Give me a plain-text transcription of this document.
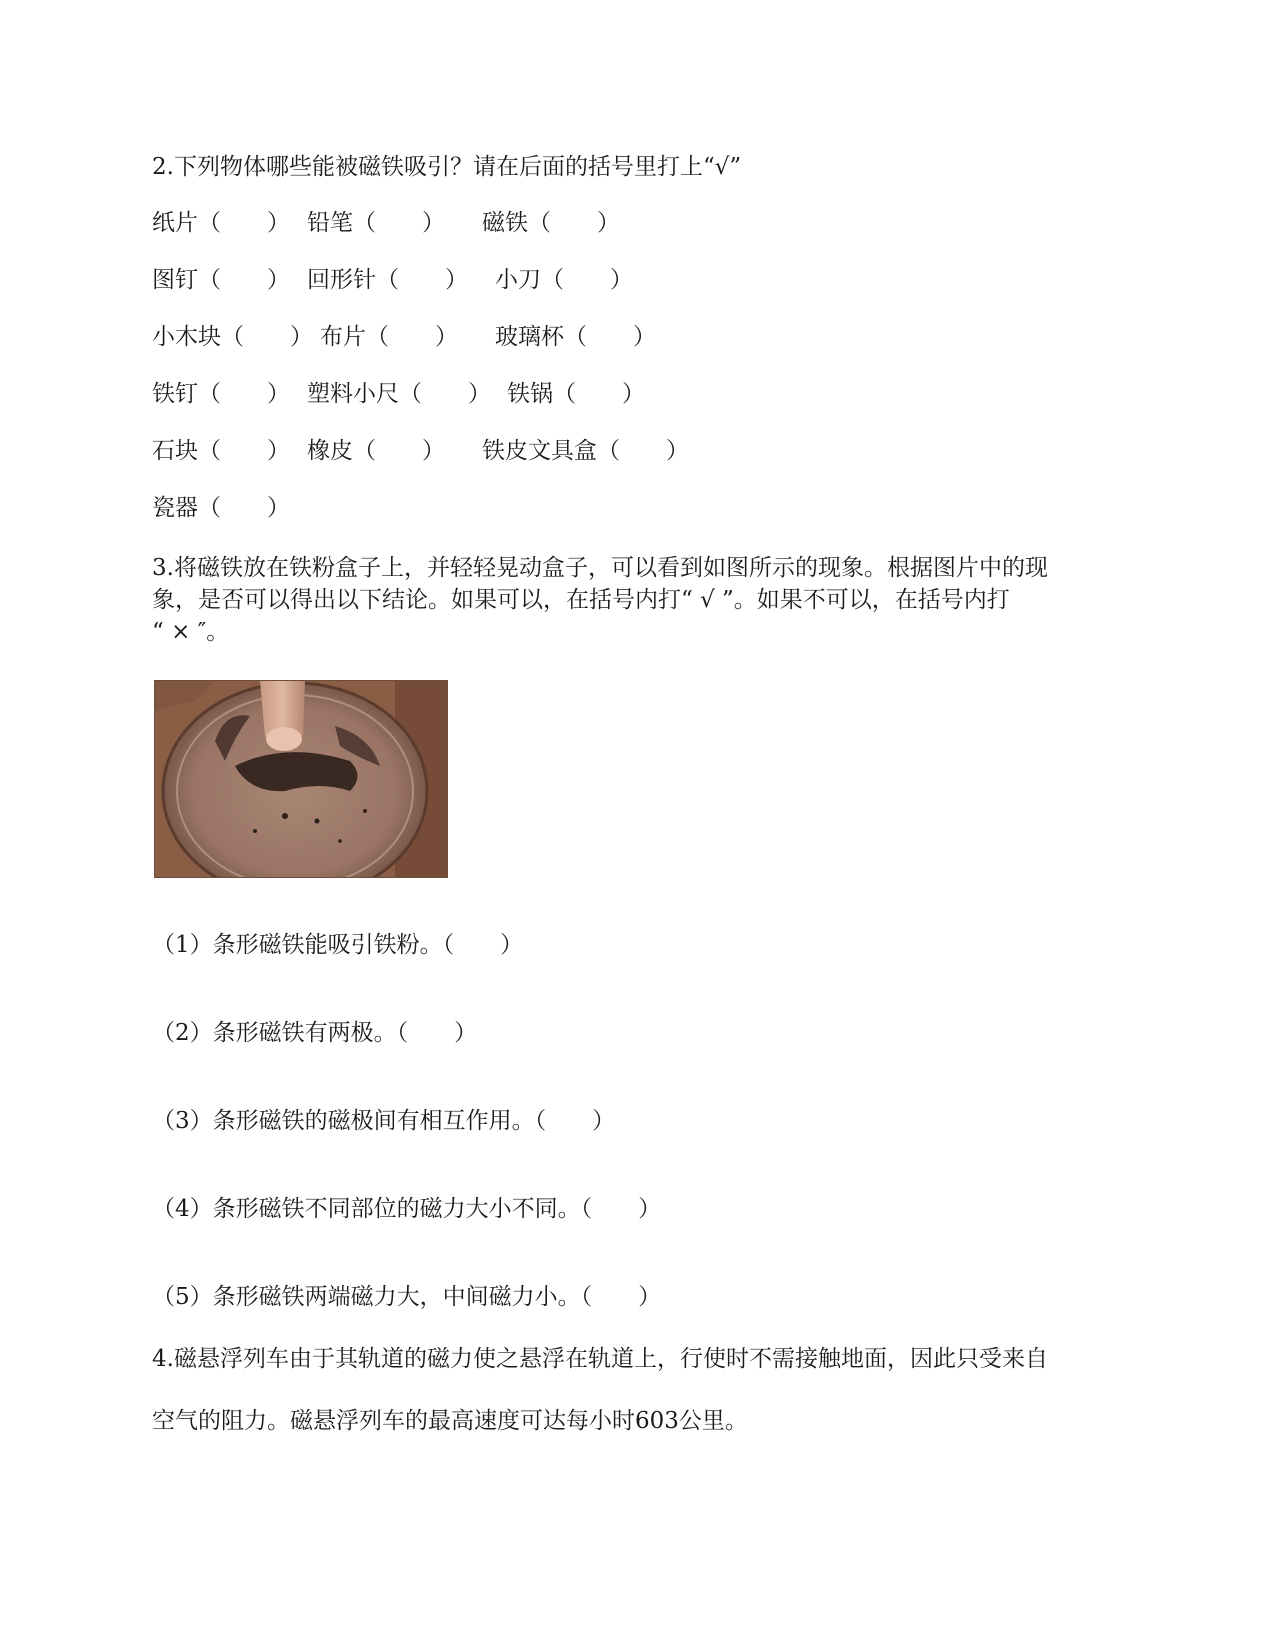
2.下列物体哪些能被磁铁吸引？请在后面的括号里打上“√”
纸片（　　） 铅笔（　　） 磁铁（　　）
图钉（　　） 回形针（　　） 小刀（　　）
小木块（　　） 布片（　　） 玻璃杯（　　）
铁钉（　　） 塑料小尺（　　） 铁锅（　　）
石块（　　） 橡皮（　　） 铁皮文具盒（　　）
瓷器（　　）
3.将磁铁放在铁粉盒子上，并轻轻晃动盒子，可以看到如图所示的现象。根据图片中的现
象，是否可以得出以下结论。如果可以，在括号内打“ √ ”。如果不可以，在括号内打
“ × ″。
（1）条形磁铁能吸引铁粉。（　　）
（2）条形磁铁有两极。（　　）
（3）条形磁铁的磁极间有相互作用。（　　）
（4）条形磁铁不同部位的磁力大小不同。（　　）
（5）条形磁铁两端磁力大，中间磁力小。（　　）
4.磁悬浮列车由于其轨道的磁力使之悬浮在轨道上，行使时不需接触地面，因此只受来自
空气的阻力。磁悬浮列车的最高速度可达每小时603公里。
